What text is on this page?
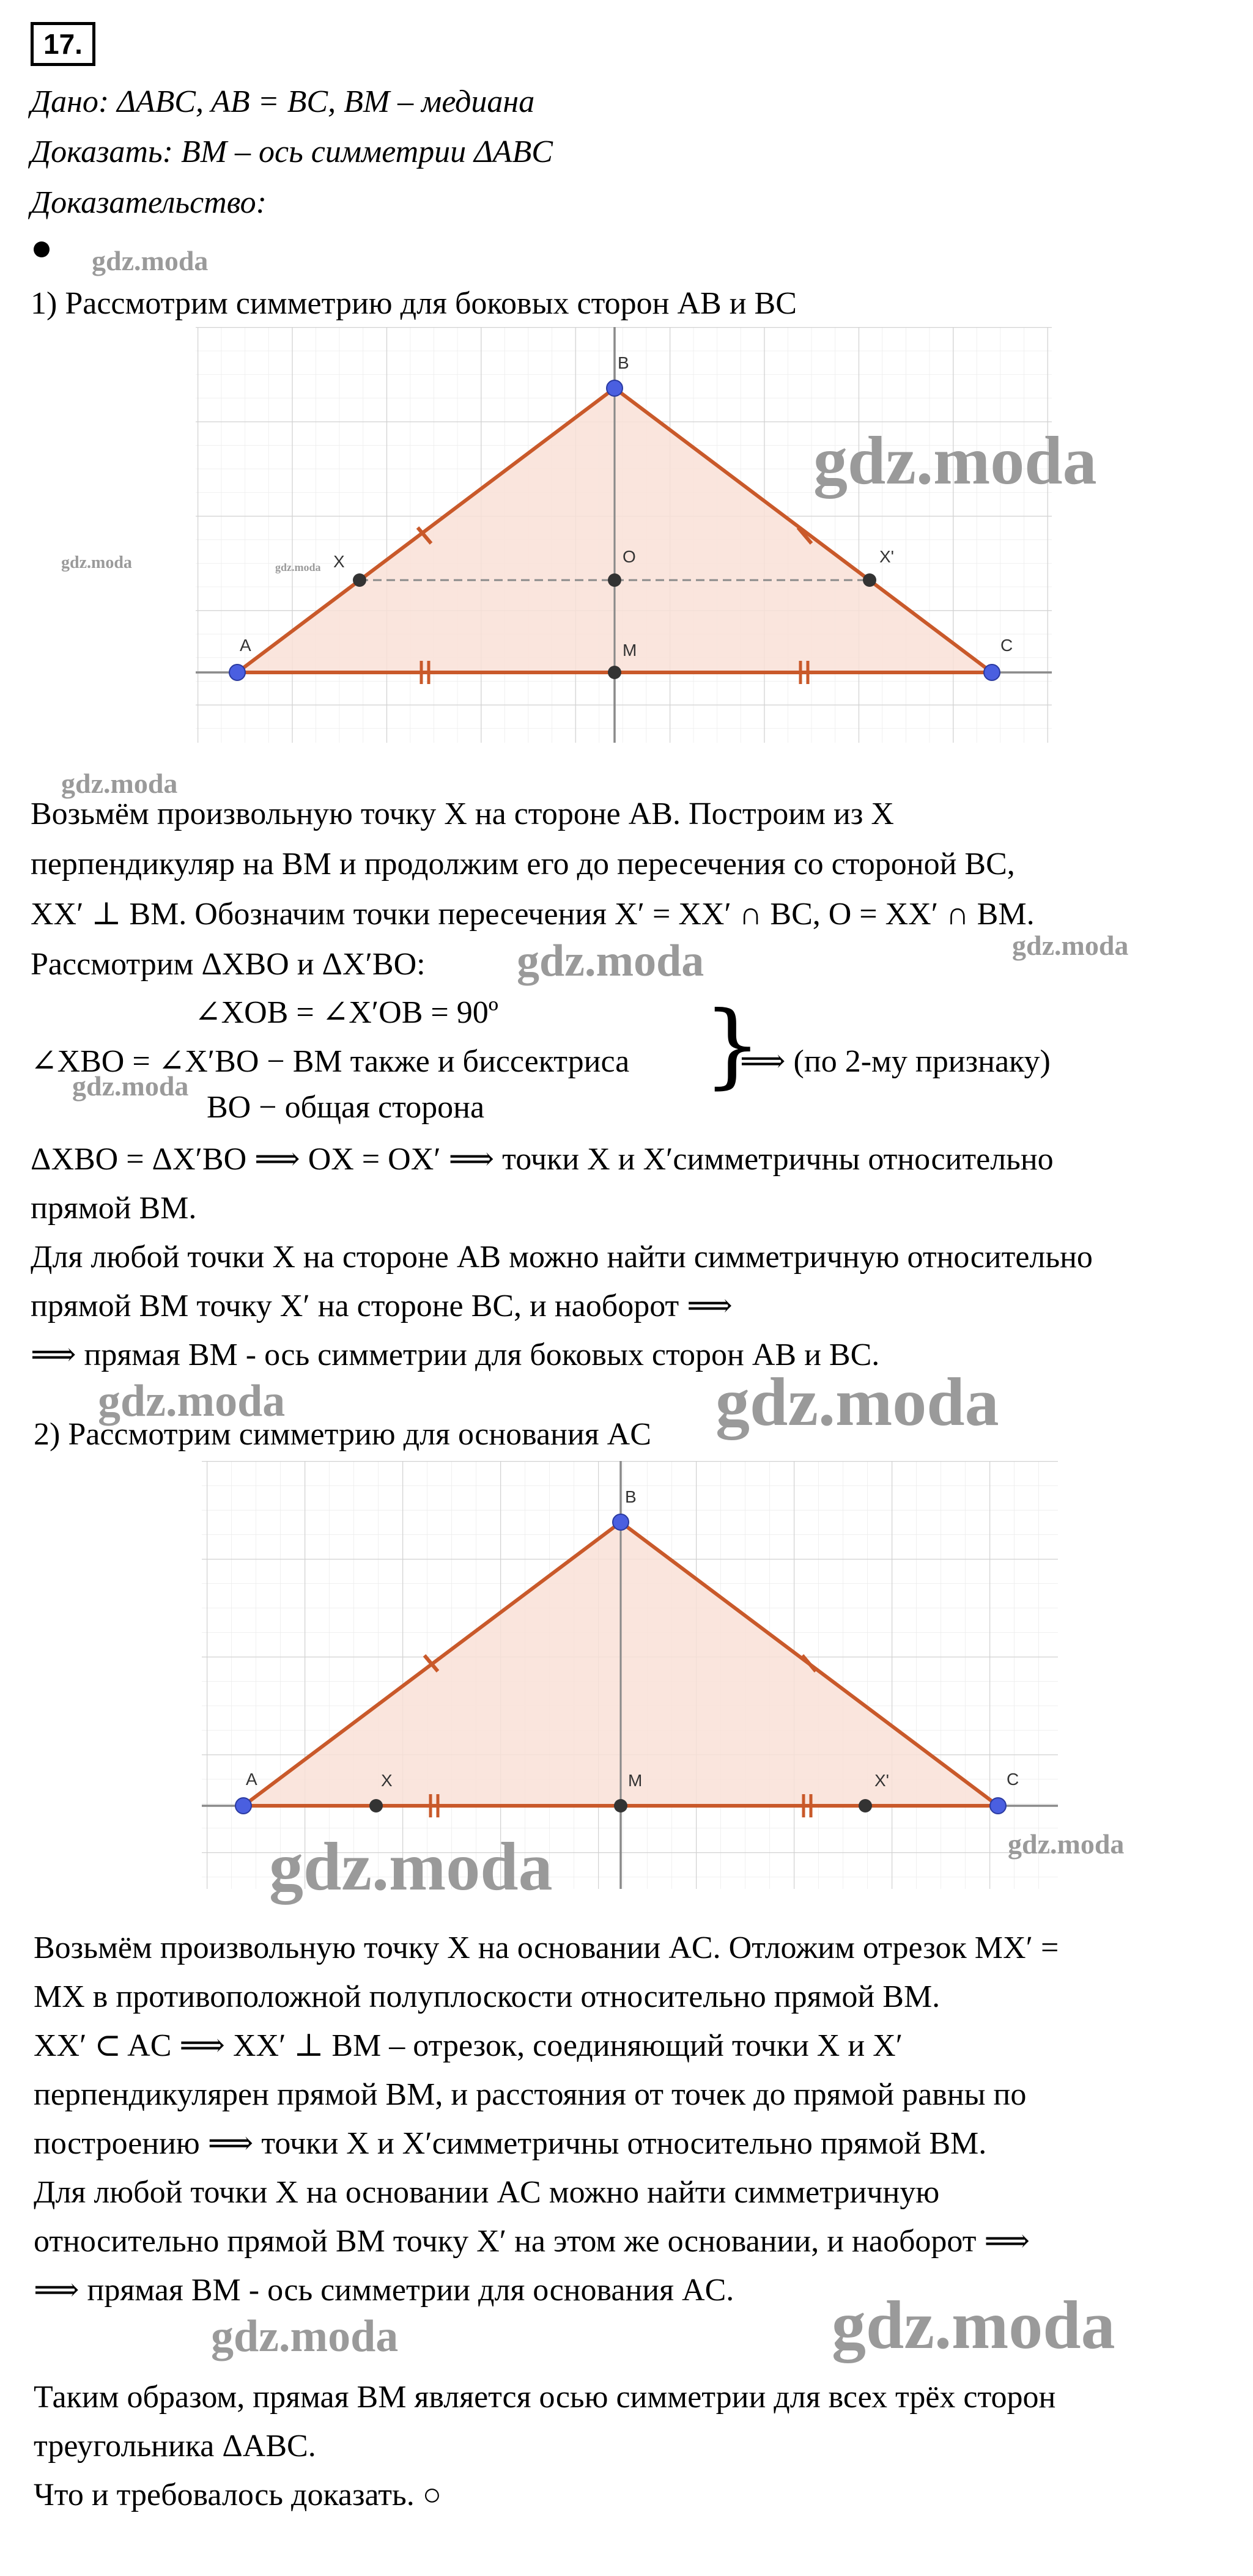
17.
Дано: ΔABC, AB = BC, BM – медиана
Доказать: BM – ось симметрии ΔABC
Доказательство:
1) Рассмотрим симметрию для боковых сторон AB и BC
A
B
C
X	O	X'
M
Возьмём произвольную точку X на стороне AB. Построим из X
перпендикуляр на BM и продолжим его до пересечения со стороной BC,
XX′ ⊥ BM. Обозначим точки пересечения X′ = XX′ ∩ BC, O = XX′ ∩ BM.
Рассмотрим ΔXBO и ΔX′BO:
∠XOB = ∠X′OB = 90º
∠XBO = ∠X′BO − BM также и биссектриса
BO − общая сторона
}
⟹ (по 2-му признаку)
ΔXBO = ΔX′BO ⟹ OX = OX′ ⟹ точки X и X′симметричны относительно
прямой BM.
Для любой точки X на стороне AB можно найти симметричную относительно
прямой BM точку X′ на стороне BC, и наоборот ⟹
⟹ прямая BM - ось симметрии для боковых сторон AB и BC.
2) Рассмотрим симметрию для основания AC
A
B
C
X	M	X'
Возьмём произвольную точку X на основании AC. Отложим отрезок MX′ =
MX в противоположной полуплоскости относительно прямой BM.
XX′ ⊂ AC ⟹ XX′ ⊥ BM – отрезок, соединяющий точки X и X′
перпендикулярен прямой BM, и расстояния от точек до прямой равны по
построению ⟹ точки X и X′симметричны относительно прямой BM.
Для любой точки X на основании AC можно найти симметричную
относительно прямой BM точку X′ на этом же основании, и наоборот ⟹
⟹ прямая BM - ось симметрии для основания AC.
Таким образом, прямая BM является осью симметрии для всех трёх сторон
треугольника ΔABC.
Что и требовалось доказать. ○
gdz.moda
gdz.moda
gdz.moda	gdz.moda
gdz.moda
gdz.moda	gdz.moda
gdz.moda
gdz.moda	gdz.moda
gdz.moda	gdz.moda
gdz.moda	gdz.moda
